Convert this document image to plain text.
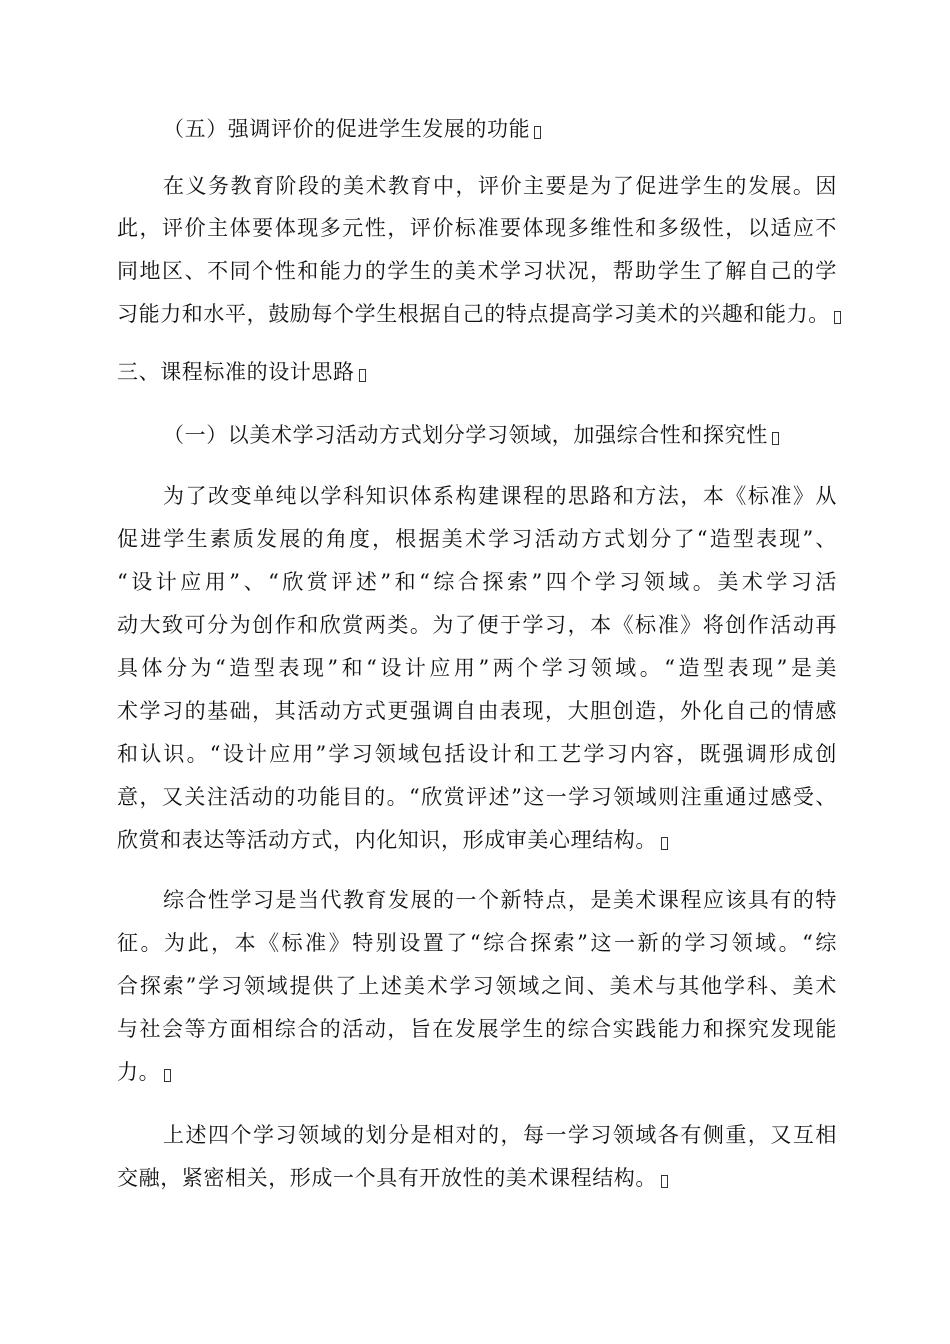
（五）强调评价的促进学生发展的功能
在义务教育阶段的美术教育中，评价主要是为了促进学生的发展。因
此，评价主体要体现多元性，评价标准要体现多维性和多级性，以适应不
同地区、不同个性和能力的学生的美术学习状况，帮助学生了解自己的学
习能力和水平，鼓励每个学生根据自己的特点提高学习美术的兴趣和能力。
三、课程标准的设计思路
（一）以美术学习活动方式划分学习领域，加强综合性和探究性
为了改变单纯以学科知识体系构建课程的思路和方法，本《标准》从
促进学生素质发展的角度，根据美术学习活动方式划分了“造型表现”、
“设计应用”、“欣赏评述”和“综合探索”四个学习领域。美术学习活
动大致可分为创作和欣赏两类。为了便于学习，本《标准》将创作活动再
具体分为“造型表现”和“设计应用”两个学习领域。“造型表现”是美
术学习的基础，其活动方式更强调自由表现，大胆创造，外化自己的情感
和认识。“设计应用”学习领域包括设计和工艺学习内容，既强调形成创
意，又关注活动的功能目的。“欣赏评述”这一学习领域则注重通过感受、
欣赏和表达等活动方式，内化知识，形成审美心理结构。
综合性学习是当代教育发展的一个新特点，是美术课程应该具有的特
征。为此，本《标准》特别设置了“综合探索”这一新的学习领域。“综
合探索”学习领域提供了上述美术学习领域之间、美术与其他学科、美术
与社会等方面相综合的活动，旨在发展学生的综合实践能力和探究发现能
力。
上述四个学习领域的划分是相对的，每一学习领域各有侧重，又互相
交融，紧密相关，形成一个具有开放性的美术课程结构。
